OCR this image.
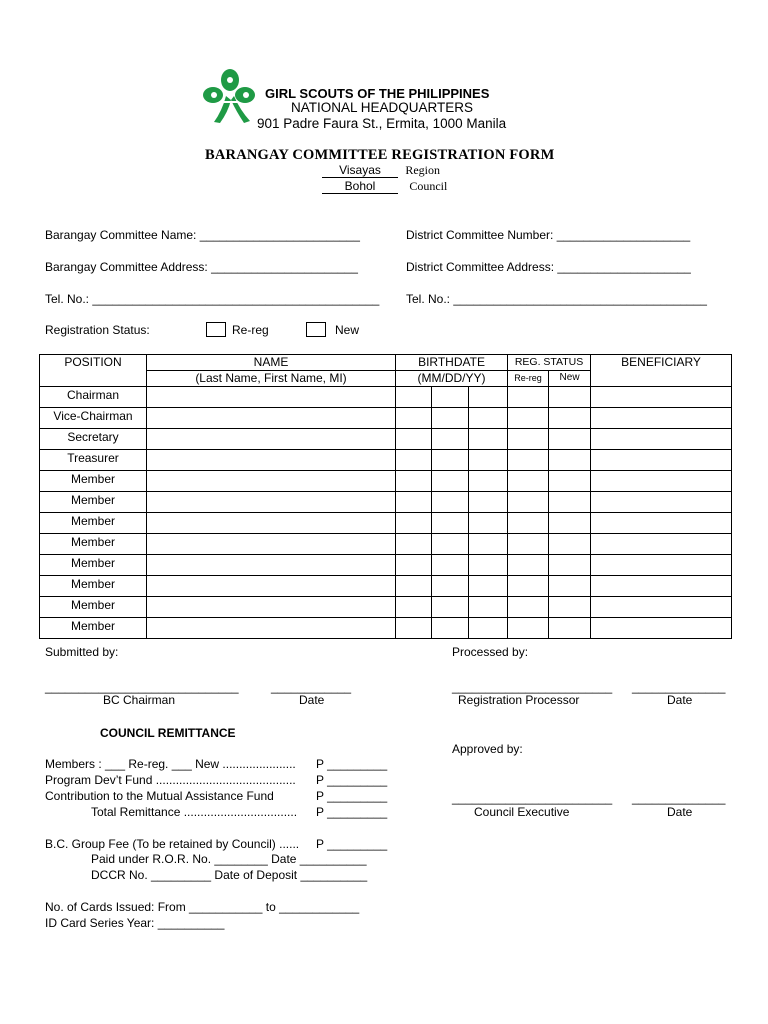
GIRL SCOUTS OF THE PHILIPPINES
NATIONAL HEADQUARTERS
901 Padre Faura St., Ermita, 1000 Manila
BARANGAY COMMITTEE REGISTRATION FORM
Visayas Region
Bohol	Council
Barangay Committee Name: ________________________
Barangay Committee Address: ______________________
Tel. No.: ___________________________________________
District Committee Number: ____________________
District Committee Address: ____________________
Tel. No.: ______________________________________
Registration Status:	Re-reg	New
POSITION	NAME	BIRTHDATE			REG. STATUS		BENEFICIARY
	(Last Name, First Name, MI)	(MM/DD/YY)			Re-reg	New	
Chairman							
Vice-Chairman							
Secretary							
Treasurer							
Member							
Member							
Member							
Member							
Member							
Member							
Member							
Member							
Submitted by:	Processed by:
_____________________________
BC Chairman
____________
Date
________________________
Registration Processor
______________
Date
Approved by:
________________________
Council Executive
______________
Date
COUNCIL REMITTANCE
Members : ___ Re-reg. ___ New ...................... P _________
Program Dev’t Fund .......................................... P _________
Contribution to the Mutual Assistance Fund	P _________
Total Remittance .................................. P _________
B.C. Group Fee (To be retained by Council) ...... P _________
Paid under R.O.R. No. ________ Date __________
DCCR No. _________ Date of Deposit __________
No. of Cards Issued: From ___________ to ____________
ID Card Series Year: __________
